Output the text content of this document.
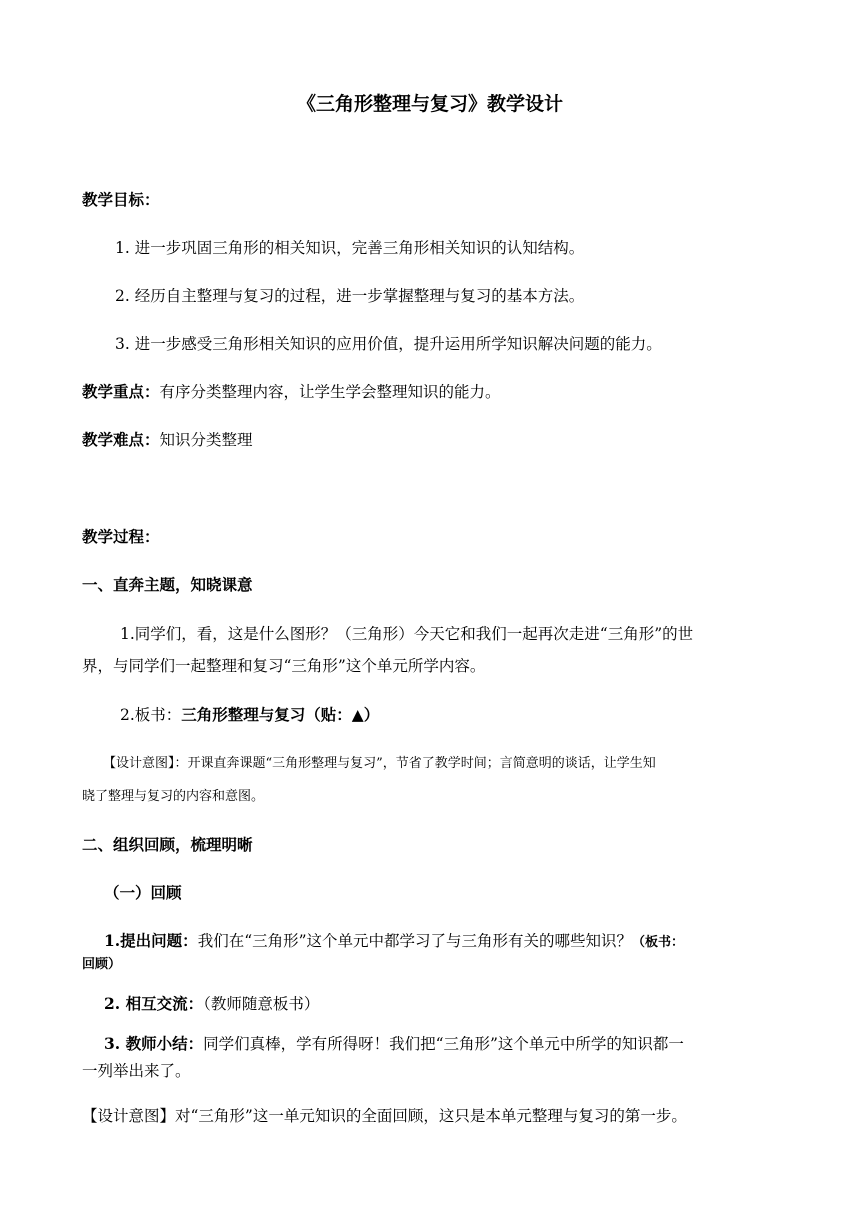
《三角形整理与复习》教学设计
教学目标：
1. 进一步巩固三角形的相关知识，完善三角形相关知识的认知结构。
2. 经历自主整理与复习的过程，进一步掌握整理与复习的基本方法。
3. 进一步感受三角形相关知识的应用价值，提升运用所学知识解决问题的能力。
教学重点：有序分类整理内容，让学生学会整理知识的能力。
教学难点：知识分类整理
教学过程：
一、直奔主题，知晓课意
1.同学们，看，这是什么图形？（三角形）今天它和我们一起再次走进“三角形”的世
界，与同学们一起整理和复习“三角形”这个单元所学内容。
2.板书：三角形整理与复习（贴：▲）
【设计意图】：开课直奔课题“三角形整理与复习”，节省了教学时间；言简意明的谈话，让学生知
晓了整理与复习的内容和意图。
二、组织回顾，梳理明晰
（一）回顾
1.提出问题：我们在“三角形”这个单元中都学习了与三角形有关的哪些知识？（板书：
回顾）
2. 相互交流：（教师随意板书）
3. 教师小结：同学们真棒，学有所得呀！我们把“三角形”这个单元中所学的知识都一
一列举出来了。
【设计意图】对“三角形”这一单元知识的全面回顾，这只是本单元整理与复习的第一步。
